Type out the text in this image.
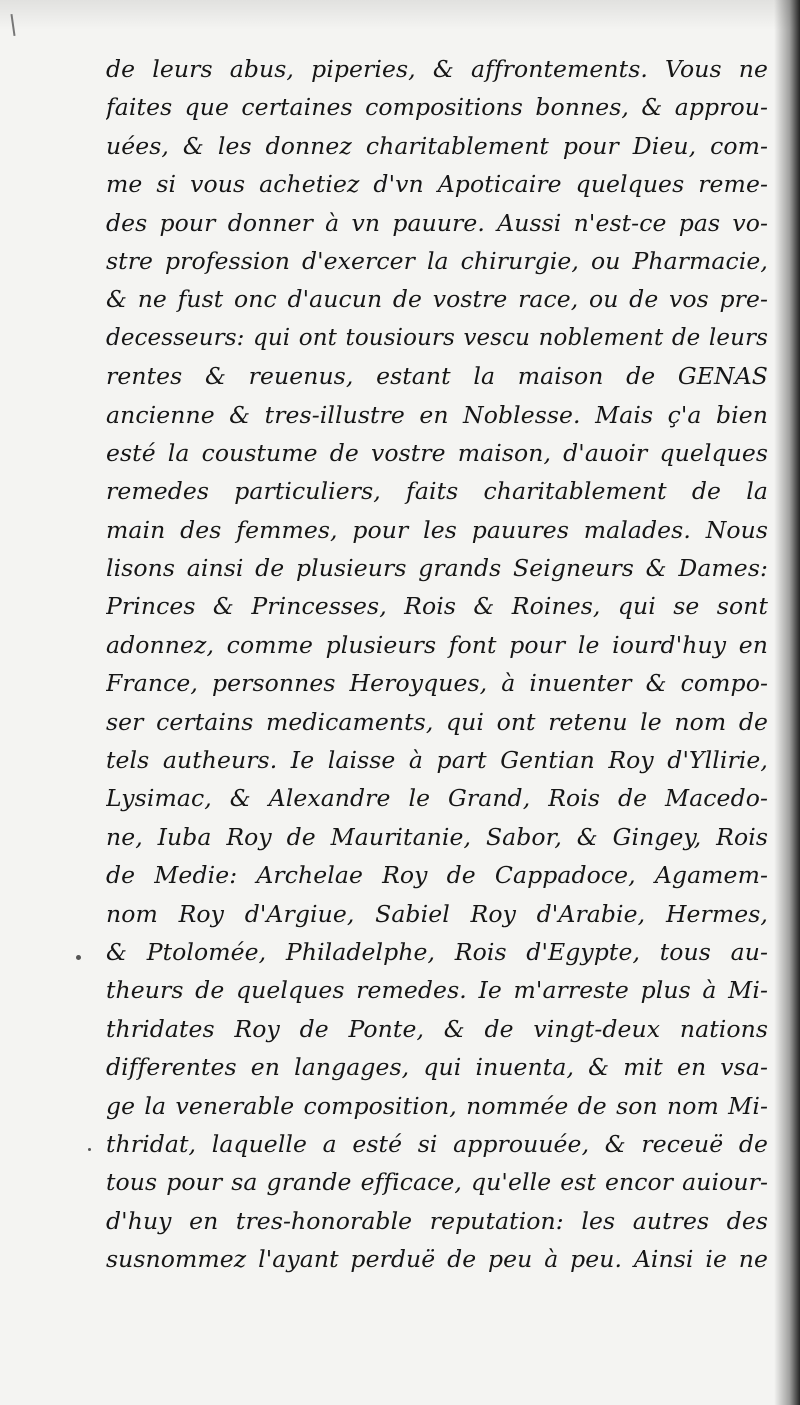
de leurs abus, piperies, & affrontements. Vous ne
faites que certaines compositions bonnes, & approu-
uées, & les donnez charitablement pour Dieu, com-
me si vous achetiez d'vn Apoticaire quelques reme-
des pour donner à vn pauure. Aussi n'est-ce pas vo-
stre profession d'exercer la chirurgie, ou Pharmacie,
& ne fust onc d'aucun de vostre race, ou de vos pre-
decesseurs: qui ont tousiours vescu noblement de leurs
rentes & reuenus, estant la maison de GENAS
ancienne & tres-illustre en Noblesse. Mais ç'a bien
esté la coustume de vostre maison, d'auoir quelques
remedes particuliers, faits charitablement de la
main des femmes, pour les pauures malades. Nous
lisons ainsi de plusieurs grands Seigneurs & Dames:
Princes & Princesses, Rois & Roines, qui se sont
adonnez, comme plusieurs font pour le iourd'huy en
France, personnes Heroyques, à inuenter & compo-
ser certains medicaments, qui ont retenu le nom de
tels autheurs. Ie laisse à part Gentian Roy d'Yllirie,
Lysimac, & Alexandre le Grand, Rois de Macedo-
ne, Iuba Roy de Mauritanie, Sabor, & Gingey, Rois
de Medie: Archelae Roy de Cappadoce, Agamem-
nom Roy d'Argiue, Sabiel Roy d'Arabie, Hermes,
& Ptolomée, Philadelphe, Rois d'Egypte, tous au-
theurs de quelques remedes. Ie m'arreste plus à Mi-
thridates Roy de Ponte, & de vingt-deux nations
differentes en langages, qui inuenta, & mit en vsa-
ge la venerable composition, nommée de son nom Mi-
thridat, laquelle a esté si approuuée, & receuë de
tous pour sa grande efficace, qu'elle est encor auiour-
d'huy en tres-honorable reputation: les autres des
susnommez l'ayant perduë de peu à peu. Ainsi ie ne
